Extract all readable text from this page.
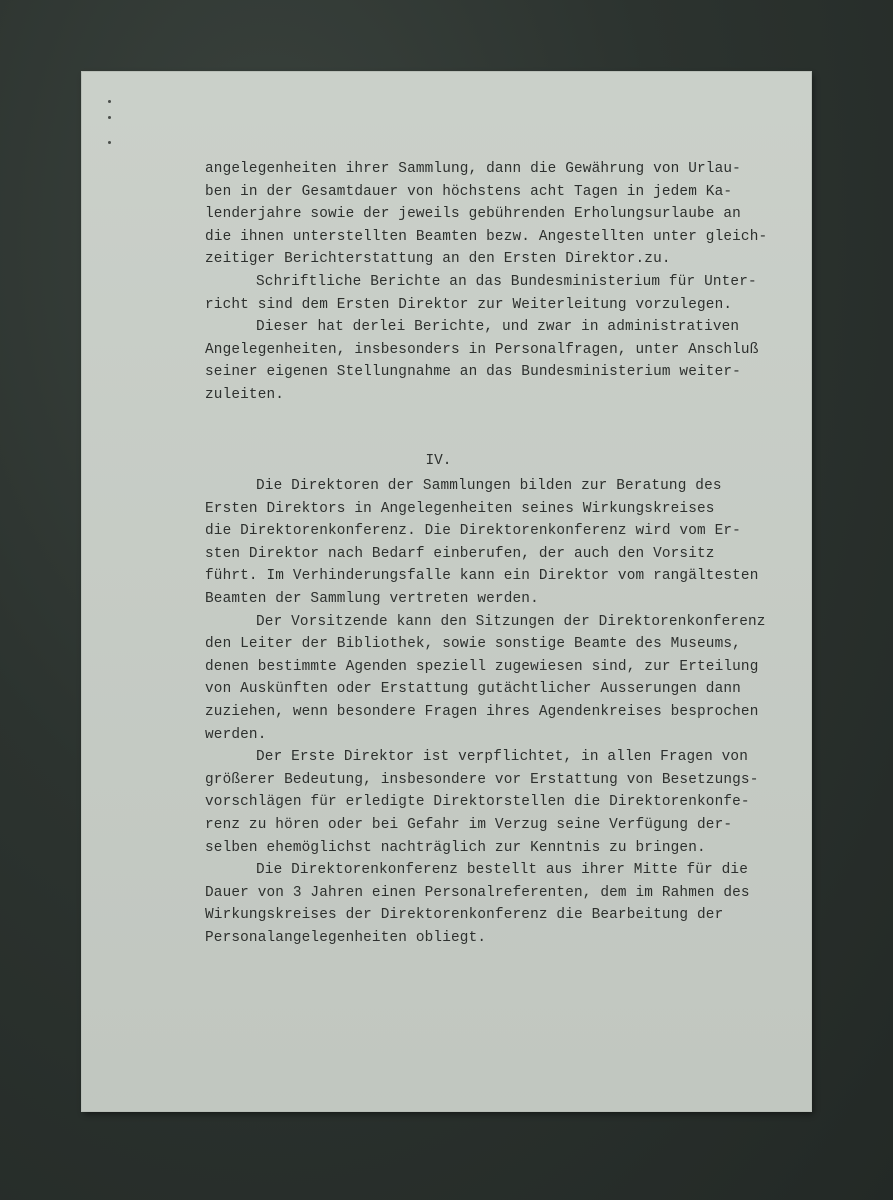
angelegenheiten ihrer Sammlung, dann die Gewährung von Urlau-
ben in der Gesamtdauer von höchstens acht Tagen in jedem Ka-
lenderjahre sowie der jeweils gebührenden Erholungsurlaube an
die ihnen unterstellten Beamten bezw. Angestellten unter gleich-
zeitiger Berichterstattung an den Ersten Direktor.zu.
Schriftliche Berichte an das Bundesministerium für Unter-
richt sind dem Ersten Direktor zur Weiterleitung vorzulegen.
Dieser hat derlei Berichte, und zwar in administrativen
Angelegenheiten, insbesonders in Personalfragen, unter Anschluß
seiner eigenen Stellungnahme an das Bundesministerium weiter-
zuleiten.
IV.
Die Direktoren der Sammlungen bilden zur Beratung des
Ersten Direktors in Angelegenheiten seines Wirkungskreises
die Direktorenkonferenz. Die Direktorenkonferenz wird vom Er-
sten Direktor nach Bedarf einberufen, der auch den Vorsitz
führt. Im Verhinderungsfalle kann ein Direktor vom rangältesten
Beamten der Sammlung vertreten werden.
Der Vorsitzende kann den Sitzungen der Direktorenkonferenz
den Leiter der Bibliothek, sowie sonstige Beamte des Museums,
denen bestimmte Agenden speziell zugewiesen sind, zur Erteilung
von Auskünften oder Erstattung gutächtlicher Ausserungen dann
zuziehen, wenn besondere Fragen ihres Agendenkreises besprochen
werden.
Der Erste Direktor ist verpflichtet, in allen Fragen von
größerer Bedeutung, insbesondere vor Erstattung von Besetzungs-
vorschlägen für erledigte Direktorstellen die Direktorenkonfe-
renz zu hören oder bei Gefahr im Verzug seine Verfügung der-
selben ehemöglichst nachträglich zur Kenntnis zu bringen.
Die Direktorenkonferenz bestellt aus ihrer Mitte für die
Dauer von 3 Jahren einen Personalreferenten, dem im Rahmen des
Wirkungskreises der Direktorenkonferenz die Bearbeitung der
Personalangelegenheiten obliegt.
